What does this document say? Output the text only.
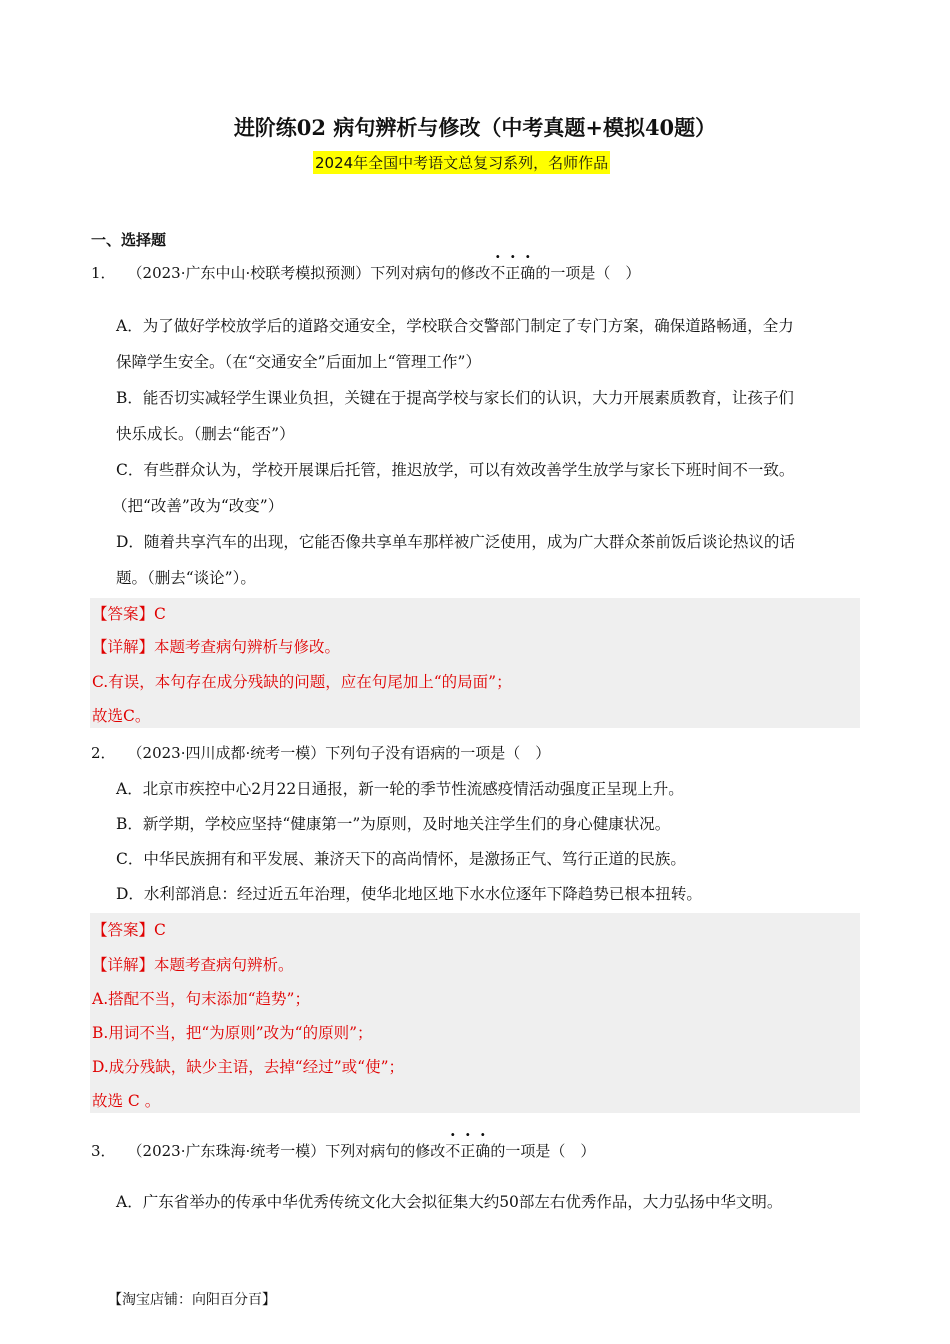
进阶练02 病句辨析与修改（中考真题+模拟40题）
2024年全国中考语文总复习系列，名师作品
一、选择题
1． （2023·广东中山·校联考模拟预测）下列对病句的修改不正确的一项是（　）
A．为了做好学校放学后的道路交通安全，学校联合交警部门制定了专门方案，确保道路畅通，全力
保障学生安全。（在“交通安全”后面加上“管理工作”）
B．能否切实减轻学生课业负担，关键在于提高学校与家长们的认识，大力开展素质教育，让孩子们
快乐成长。（删去“能否”）
C．有些群众认为，学校开展课后托管，推迟放学，可以有效改善学生放学与家长下班时间不一致。
（把“改善”改为“改变”）
D．随着共享汽车的出现，它能否像共享单车那样被广泛使用，成为广大群众茶前饭后谈论热议的话
题。（删去“谈论”）。
【答案】C
【详解】本题考查病句辨析与修改。
C.有误，本句存在成分残缺的问题，应在句尾加上“的局面”；
故选C。
2． （2023·四川成都·统考一模）下列句子没有语病的一项是（　）
A．北京市疾控中心2月22日通报，新一轮的季节性流感疫情活动强度正呈现上升。
B．新学期，学校应坚持“健康第一”为原则，及时地关注学生们的身心健康状况。
C．中华民族拥有和平发展、兼济天下的高尚情怀，是激扬正气、笃行正道的民族。
D．水利部消息：经过近五年治理，使华北地区地下水水位逐年下降趋势已根本扭转。
【答案】C
【详解】本题考查病句辨析。
A.搭配不当，句末添加“趋势”；
B.用词不当，把“为原则”改为“的原则”；
D.成分残缺，缺少主语，去掉“经过”或“使”；
故选 C 。
3． （2023·广东珠海·统考一模）下列对病句的修改不正确的一项是（　）
A．广东省举办的传承中华优秀传统文化大会拟征集大约50部左右优秀作品，大力弘扬中华文明。
【淘宝店铺：向阳百分百】
